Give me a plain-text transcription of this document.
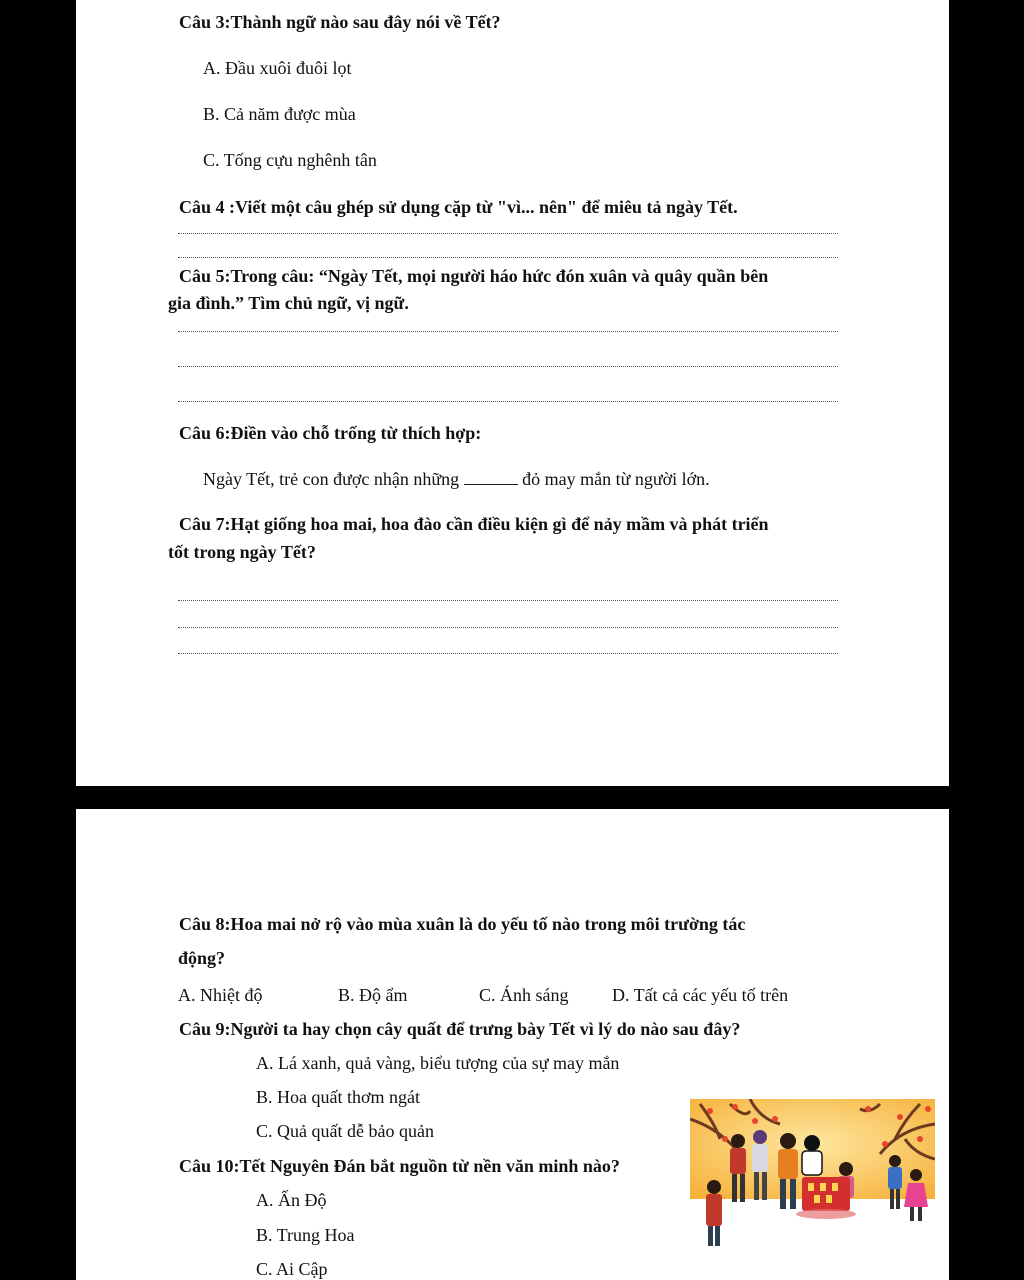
Câu 3:Thành ngữ nào sau đây nói về Tết?
A. Đầu xuôi đuôi lọt
B. Cả năm được mùa
C. Tống cựu nghênh tân
Câu 4 :Viết một câu ghép sử dụng cặp từ "vì... nên" để miêu tả ngày Tết.
Câu 5:Trong câu: “Ngày Tết, mọi người háo hức đón xuân và quây quần bên
gia đình.” Tìm chủ ngữ, vị ngữ.
Câu 6:Điền vào chỗ trống từ thích hợp:
Ngày Tết, trẻ con được nhận những	đỏ may mắn từ người lớn.
Câu 7:Hạt giống hoa mai, hoa đào cần điều kiện gì để nảy mầm và phát triển
tốt trong ngày Tết?
Câu 8:Hoa mai nở rộ vào mùa xuân là do yếu tố nào trong môi trường tác
động?
A. Nhiệt độ	B. Độ ẩm	C. Ánh sáng D. Tất cả các yếu tố trên
Câu 9:Người ta hay chọn cây quất để trưng bày Tết vì lý do nào sau đây?
A. Lá xanh, quả vàng, biểu tượng của sự may mắn
B. Hoa quất thơm ngát
C. Quả quất dễ bảo quản
Câu 10:Tết Nguyên Đán bắt nguồn từ nền văn minh nào?
A. Ấn Độ
B. Trung Hoa
C. Ai Cập
